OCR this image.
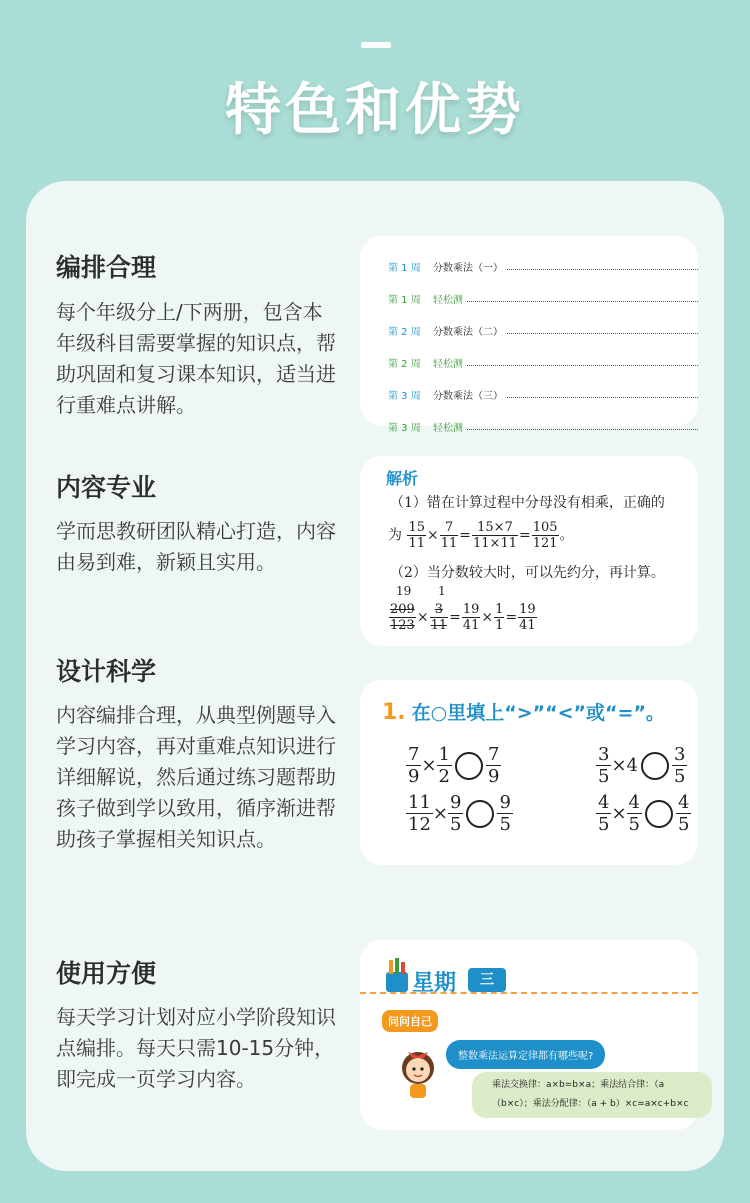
特色和优势
编排合理
每个年级分上/下两册，包含本年级科目需要掌握的知识点，帮助巩固和复习课本知识，适当进行重难点讲解。
第 1 周	分数乘法（一）
第 1 周	轻松测
第 2 周	分数乘法（二）
第 2 周	轻松测
第 3 周	分数乘法（三）
第 3 周	轻松测
内容专业
学而思教研团队精心打造，内容由易到难，新颖且实用。
解析
（1）错在计算过程中分母没有相乘，正确的
为 $\frac{15}{11} \times \frac{7}{11} = \frac{15\times 7}{11\times 11} = \frac{105}{121}$ 。
（2）当分数较大时，可以先约分，再计算。
19 1
$\frac{209}{123} \times \frac{3}{11} = \frac{19}{41} \times \frac{1}{1} = \frac{19}{41}$
设计科学
内容编排合理，从典型例题导入学习内容，再对重难点知识进行详细解说，然后通过练习题帮助孩子做到学以致用，循序渐进帮助孩子掌握相关知识点。
1. 在○里填上“>”“<”或“=”。
$\frac{7}{9} \times \frac{1}{2} \frac{7}{9}$	$\frac{3}{5} \times 4 \frac{3}{5}$
$\frac{11}{12} \times \frac{9}{5} \frac{9}{5}$	$\frac{4}{5} \times \frac{4}{5} \frac{4}{5}$
使用方便
每天学习计划对应小学阶段知识点编排。每天只需10-15分钟，即完成一页学习内容。
星期	三
问问自己
整数乘法运算定律都有哪些呢?
乘法交换律：a×b=b×a；乘法结合律：（a
（b×c）；乘法分配律：（a + b）×c=a×c+b×c
